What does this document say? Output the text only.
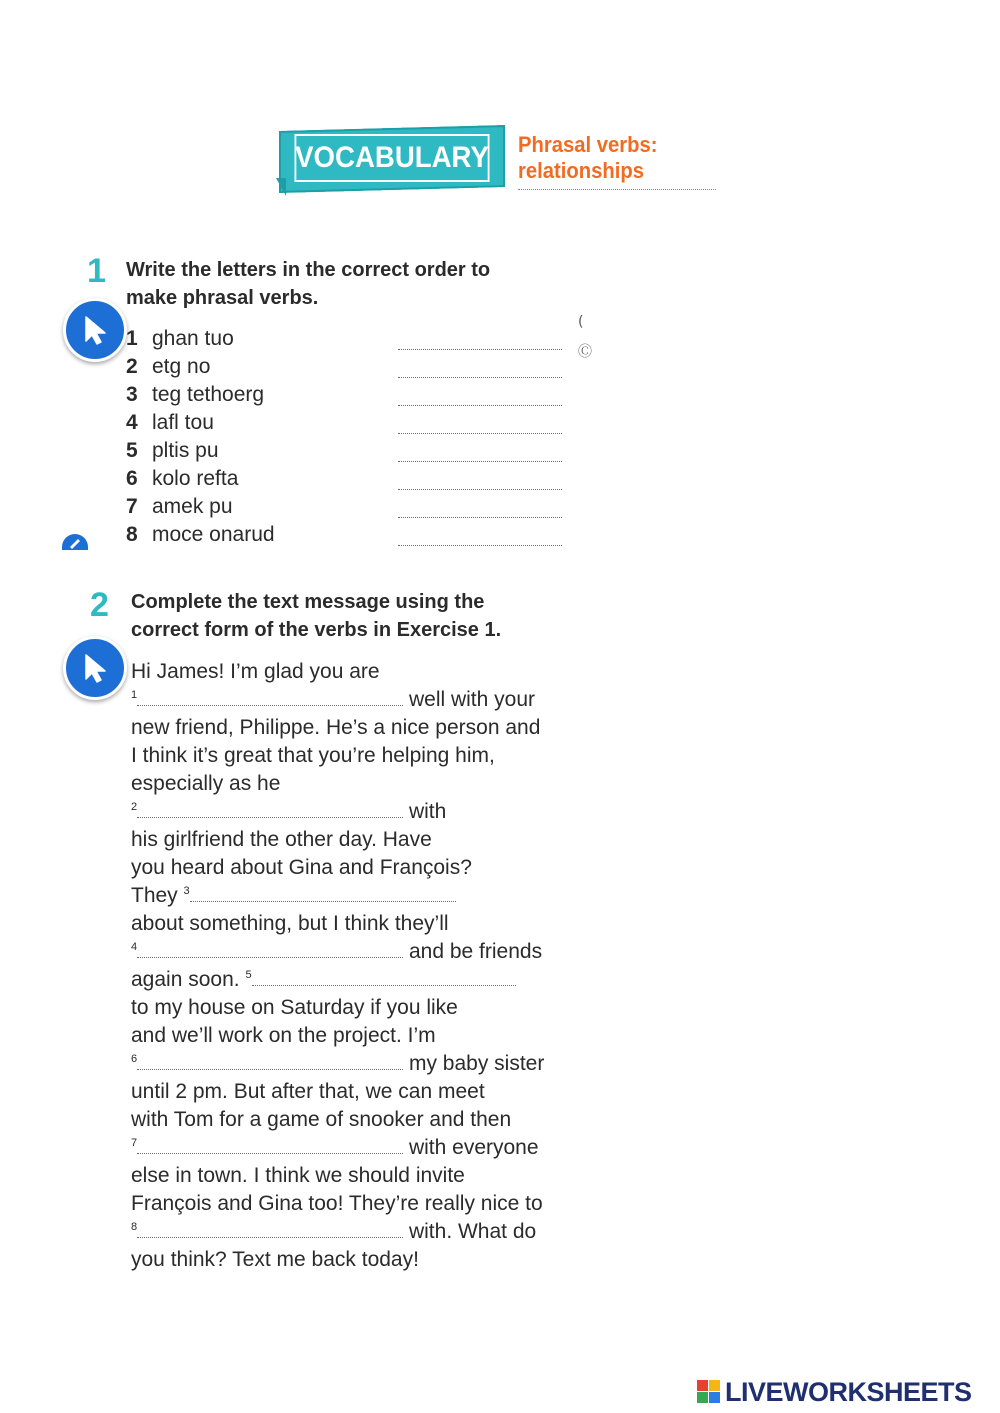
VOCABULARY Phrasal verbs:
relationships
1 Write the letters in the correct order to
make phrasal verbs.
(
Ⓒ
1 ghan tuo
2 etg no
3 teg tethoerg
4 lafl tou
5 pltis pu
6 kolo refta
7 amek pu
8 moce onarud
2 Complete the text message using the
correct form of the verbs in Exercise 1.
Hi James! I’m glad you are
$^1$	well with your
new friend, Philippe. He’s a nice person and
I think it’s great that you’re helping him,
especially as he
$^2$	with
his girlfriend the other day. Have
you heard about Gina and François?
They $^3$
about something, but I think they’ll
$^4$	and be friends
again soon. $^5$
to my house on Saturday if you like
and we’ll work on the project. I’m
$^6$	my baby sister
until 2 pm. But after that, we can meet
with Tom for a game of snooker and then
$^7$	with everyone
else in town. I think we should invite
François and Gina too! They’re really nice to
$^8$	with. What do
you think? Text me back today!
LIVEWORKSHEETS
